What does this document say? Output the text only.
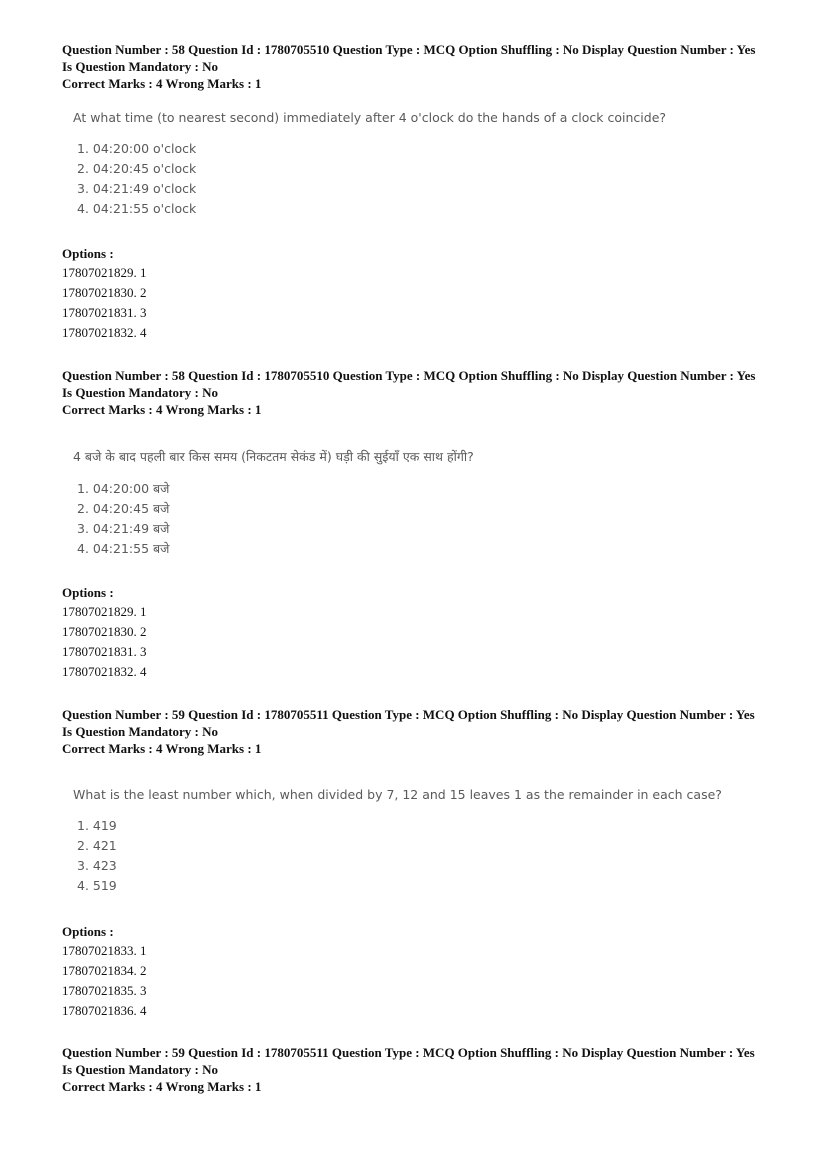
Question Number : 58 Question Id : 1780705510 Question Type : MCQ Option Shuffling : No Display Question Number : Yes
Is Question Mandatory : No
Correct Marks : 4 Wrong Marks : 1
At what time (to nearest second) immediately after 4 o'clock do the hands of a clock coincide?
1. 04:20:00 o'clock
2. 04:20:45 o'clock
3. 04:21:49 o'clock
4. 04:21:55 o'clock
Options :
17807021829. 1
17807021830. 2
17807021831. 3
17807021832. 4
Question Number : 58 Question Id : 1780705510 Question Type : MCQ Option Shuffling : No Display Question Number : Yes
Is Question Mandatory : No
Correct Marks : 4 Wrong Marks : 1
4 बजे के बाद पहली बार किस समय (निकटतम सेकंड में) घड़ी की सुईयाँ एक साथ होंगी?
1. 04:20:00 बजे
2. 04:20:45 बजे
3. 04:21:49 बजे
4. 04:21:55 बजे
Options :
17807021829. 1
17807021830. 2
17807021831. 3
17807021832. 4
Question Number : 59 Question Id : 1780705511 Question Type : MCQ Option Shuffling : No Display Question Number : Yes
Is Question Mandatory : No
Correct Marks : 4 Wrong Marks : 1
What is the least number which, when divided by 7, 12 and 15 leaves 1 as the remainder in each case?
1. 419
2. 421
3. 423
4. 519
Options :
17807021833. 1
17807021834. 2
17807021835. 3
17807021836. 4
Question Number : 59 Question Id : 1780705511 Question Type : MCQ Option Shuffling : No Display Question Number : Yes
Is Question Mandatory : No
Correct Marks : 4 Wrong Marks : 1
